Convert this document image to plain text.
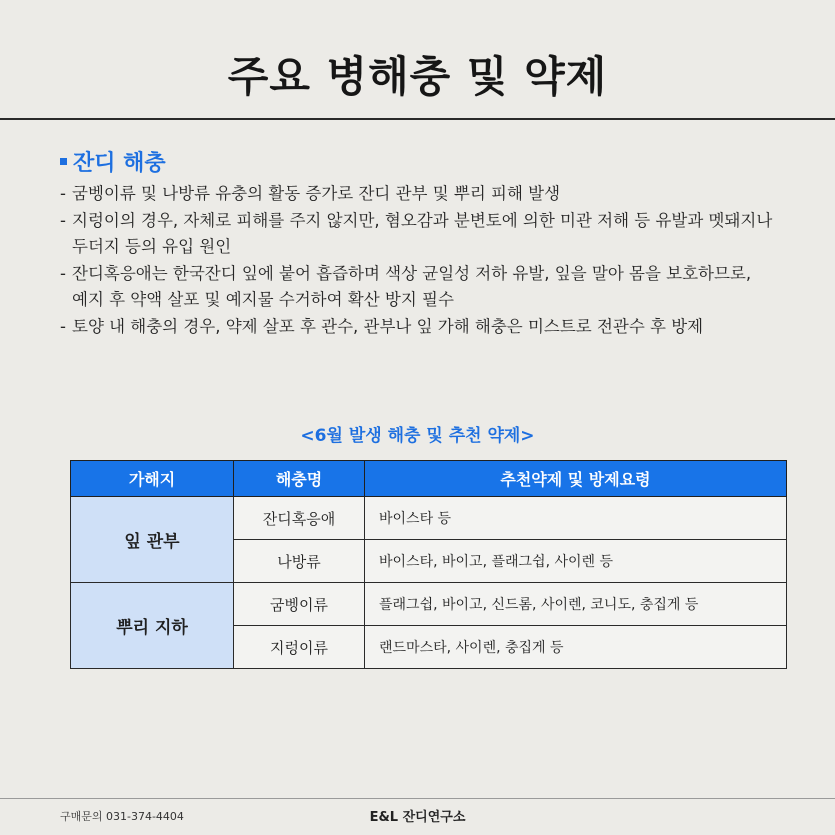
주요 병해충 및 약제
잔디 해충
- 굼벵이류 및 나방류 유충의 활동 증가로 잔디 관부 및 뿌리 피해 발생
- 지렁이의 경우, 자체로 피해를 주지 않지만, 혐오감과 분변토에 의한 미관 저해 등 유발과 멧돼지나
두더지 등의 유입 원인
- 잔디혹응애는 한국잔디 잎에 붙어 흡즙하며 색상 균일성 저하 유발, 잎을 말아 몸을 보호하므로,
예지 후 약액 살포 및 예지물 수거하여 확산 방지 필수
- 토양 내 해충의 경우, 약제 살포 후 관수, 관부나 잎 가해 해충은 미스트로 전관수 후 방제
<6월 발생 해충 및 추천 약제>
가해지	해충명	추천약제 및 방제요령
잎 관부	잔디혹응애	바이스타 등
	나방류	바이스타, 바이고, 플래그쉽, 사이렌 등
뿌리 지하	굼벵이류	플래그쉽, 바이고, 신드롬, 사이렌, 코니도, 충집게 등
	지렁이류	랜드마스타, 사이렌, 충집게 등
구매문의 031-374-4404	E&L 잔디연구소
